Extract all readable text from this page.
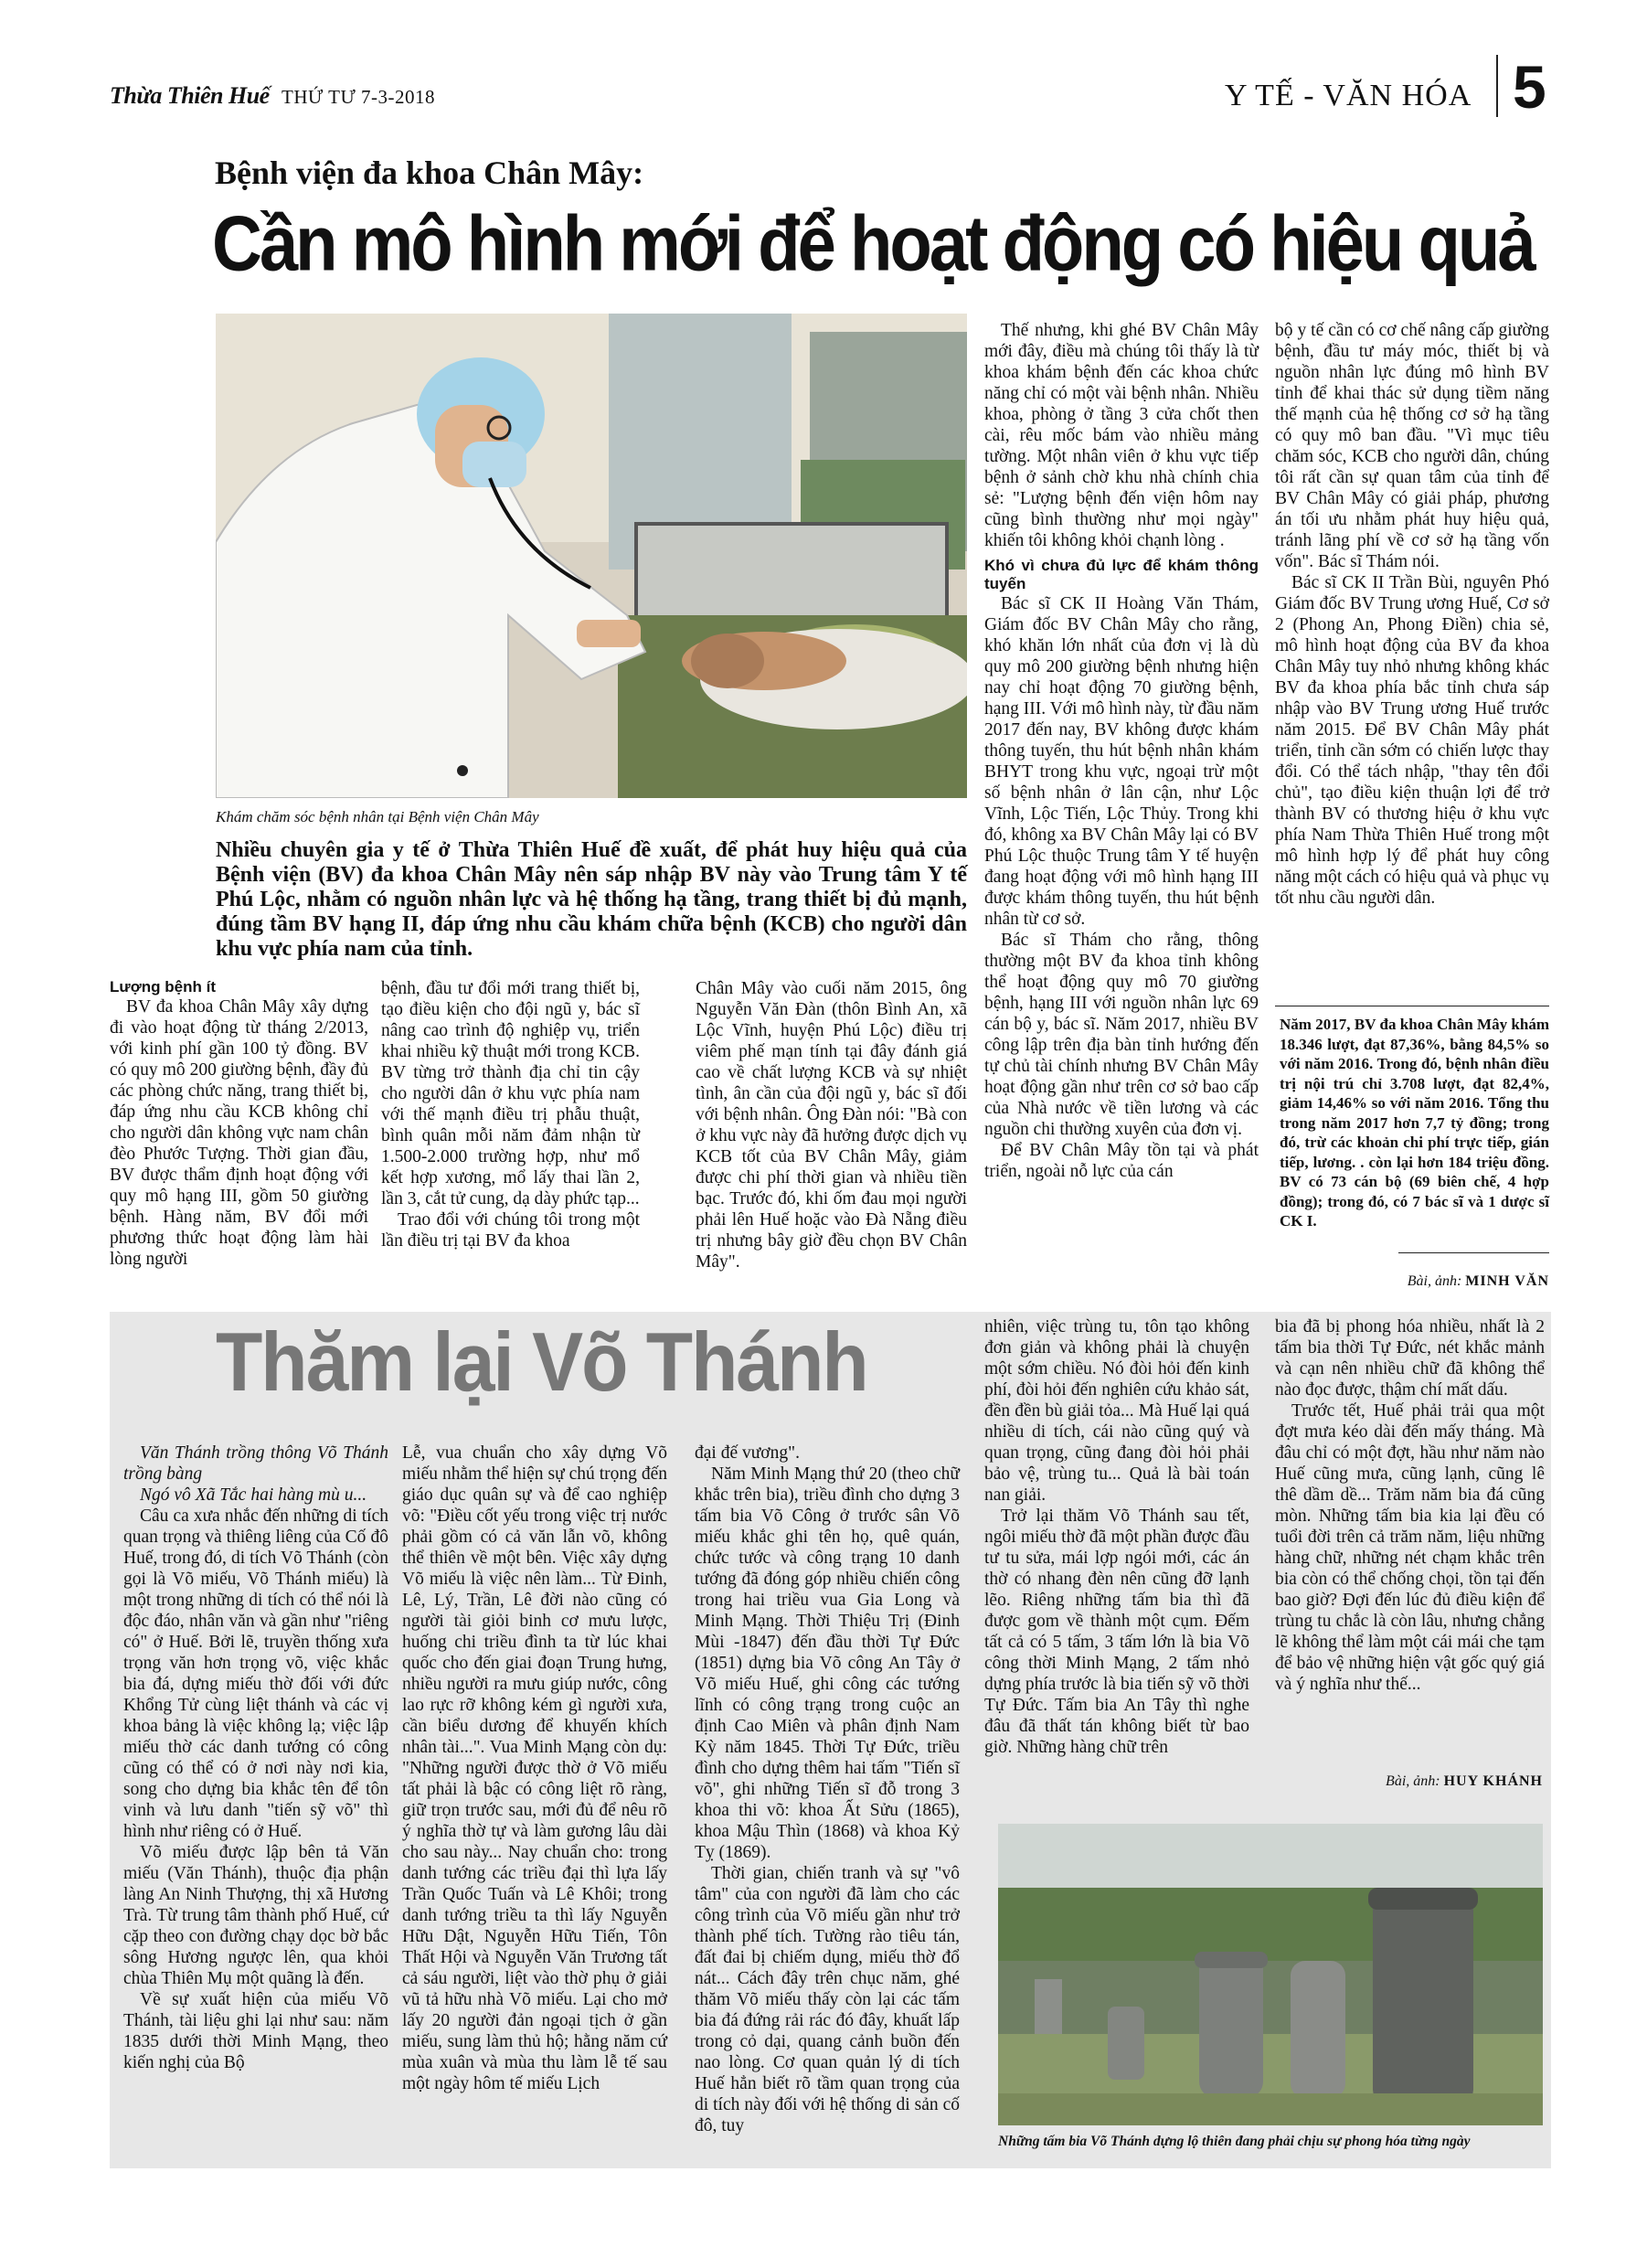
Thừa Thiên Huế THỨ TƯ 7-3-2018	Y TẾ - VĂN HÓA 5
Bệnh viện đa khoa Chân Mây:
Cần mô hình mới để hoạt động có hiệu quả
Khám chăm sóc bệnh nhân tại Bệnh viện Chân Mây
Nhiều chuyên gia y tế ở Thừa Thiên Huế đề xuất, để phát huy hiệu quả của Bệnh viện (BV) đa khoa Chân Mây nên sáp nhập BV này vào Trung tâm Y tế Phú Lộc, nhằm có nguồn nhân lực và hệ thống hạ tầng, trang thiết bị đủ mạnh, đúng tầm BV hạng II, đáp ứng nhu cầu khám chữa bệnh (KCB) cho người dân khu vực phía nam của tỉnh.

Lượng bệnh ít

BV đa khoa Chân Mây xây dựng đi vào hoạt động từ tháng 2/2013, với kinh phí gần 100 tỷ đồng. BV có quy mô 200 giường bệnh, đầy đủ các phòng chức năng, trang thiết bị, đáp ứng nhu cầu KCB không chỉ cho người dân không vực nam chân đèo Phước Tượng. Thời gian đầu, BV được thẩm định hoạt động với quy mô hạng III, gồm 50 giường bệnh. Hàng năm, BV đổi mới phương thức hoạt động làm hài lòng người

bệnh, đầu tư đổi mới trang thiết bị, tạo điều kiện cho đội ngũ y, bác sĩ nâng cao trình độ nghiệp vụ, triển khai nhiều kỹ thuật mới trong KCB. BV từng trở thành địa chỉ tin cậy cho người dân ở khu vực phía nam với thế mạnh điều trị phẫu thuật, bình quân mỗi năm đảm nhận từ 1.500-2.000 trường hợp, như mổ kết hợp xương, mổ lấy thai lần 2, lần 3, cắt tử cung, dạ dày phức tạp...

Trao đổi với chúng tôi trong một lần điều trị tại BV đa khoa

Chân Mây vào cuối năm 2015, ông Nguyễn Văn Đàn (thôn Bình An, xã Lộc Vĩnh, huyện Phú Lộc) điều trị viêm phế mạn tính tại đây đánh giá cao về chất lượng KCB và sự nhiệt tình, ân cần của đội ngũ y, bác sĩ đối với bệnh nhân. Ông Đàn nói: "Bà con ở khu vực này đã hưởng được dịch vụ KCB tốt của BV Chân Mây, giảm được chi phí thời gian và nhiều tiền bạc. Trước đó, khi ốm đau mọi người phải lên Huế hoặc vào Đà Nẵng điều trị nhưng bây giờ đều chọn BV Chân Mây".

Thế nhưng, khi ghé BV Chân Mây mới đây, điều mà chúng tôi thấy là từ khoa khám bệnh đến các khoa chức năng chỉ có một vài bệnh nhân. Nhiều khoa, phòng ở tầng 3 cửa chốt then cài, rêu mốc bám vào nhiều mảng tường. Một nhân viên ở khu vực tiếp bệnh ở sảnh chờ khu nhà chính chia sẻ: "Lượng bệnh đến viện hôm nay cũng bình thường như mọi ngày" khiến tôi không khỏi chạnh lòng .

Khó vì chưa đủ lực để khám thông tuyến

Bác sĩ CK II Hoàng Văn Thám, Giám đốc BV Chân Mây cho rằng, khó khăn lớn nhất của đơn vị là dù quy mô 200 giường bệnh nhưng hiện nay chỉ hoạt động 70 giường bệnh, hạng III. Với mô hình này, từ đầu năm 2017 đến nay, BV không được khám thông tuyến, thu hút bệnh nhân khám BHYT trong khu vực, ngoại trừ một số bệnh nhân ở lân cận, như Lộc Vĩnh, Lộc Tiến, Lộc Thủy. Trong khi đó, không xa BV Chân Mây lại có BV Phú Lộc thuộc Trung tâm Y tế huyện đang hoạt động với mô hình hạng III được khám thông tuyến, thu hút bệnh nhân từ cơ sở.

Bác sĩ Thám cho rằng, thông thường một BV đa khoa tỉnh không thể hoạt động quy mô 70 giường bệnh, hạng III với nguồn nhân lực 69 cán bộ y, bác sĩ. Năm 2017, nhiều BV công lập trên địa bàn tỉnh hướng đến tự chủ tài chính nhưng BV Chân Mây hoạt động gần như trên cơ sở bao cấp của Nhà nước về tiền lương và các nguồn chi thường xuyên của đơn vị.

Để BV Chân Mây tồn tại và phát triển, ngoài nỗ lực của cán

bộ y tế cần có cơ chế nâng cấp giường bệnh, đầu tư máy móc, thiết bị và nguồn nhân lực đúng mô hình BV tỉnh để khai thác sử dụng tiềm năng thế mạnh của hệ thống cơ sở hạ tầng có quy mô ban đầu. "Vì mục tiêu chăm sóc, KCB cho người dân, chúng tôi rất cần sự quan tâm của tỉnh để BV Chân Mây có giải pháp, phương án tối ưu nhằm phát huy hiệu quả, tránh lãng phí về cơ sở hạ tầng vốn vốn". Bác sĩ Thám nói.

Bác sĩ CK II Trần Bùi, nguyên Phó Giám đốc BV Trung ương Huế, Cơ sở 2 (Phong An, Phong Điền) chia sẻ, mô hình hoạt động của BV đa khoa Chân Mây tuy nhỏ nhưng không khác BV đa khoa phía bắc tỉnh chưa sáp nhập vào BV Trung ương Huế trước năm 2015. Để BV Chân Mây phát triển, tỉnh cần sớm có chiến lược thay đổi. Có thể tách nhập, "thay tên đổi chủ", tạo điều kiện thuận lợi để trở thành BV có thương hiệu ở khu vực phía Nam Thừa Thiên Huế trong một mô hình hợp lý để phát huy công năng một cách có hiệu quả và phục vụ tốt nhu cầu người dân.

Năm 2017, BV đa khoa Chân Mây khám 18.346 lượt, đạt 87,36%, bằng 84,5% so với năm 2016. Trong đó, bệnh nhân điều trị nội trú chỉ 3.708 lượt, đạt 82,4%, giảm 14,46% so với năm 2016. Tổng thu trong năm 2017 hơn 7,7 tỷ đồng; trong đó, trừ các khoản chi phí trực tiếp, gián tiếp, lương. . còn lại hơn 184 triệu đồng. BV có 73 cán bộ (69 biên chế, 4 hợp đồng); trong đó, có 7 bác sĩ và 1 dược sĩ CK I.
Bài, ảnh: MINH VĂN
Thăm lại Võ Thánh

Văn Thánh trồng thông Võ Thánh trồng bàng

Ngó vô Xã Tắc hai hàng mù u...

Câu ca xưa nhắc đến những di tích quan trọng và thiêng liêng của Cố đô Huế, trong đó, di tích Võ Thánh (còn gọi là Võ miếu, Võ Thánh miếu) là một trong những di tích có thể nói là độc đáo, nhân văn và gần như "riêng có" ở Huế. Bởi lẽ, truyền thống xưa trọng văn hơn trọng võ, việc khắc bia đá, dựng miếu thờ đối với đức Khổng Tử cùng liệt thánh và các vị khoa bảng là việc không lạ; việc lập miếu thờ các danh tướng có công cũng có thể có ở nơi này nơi kia, song cho dựng bia khắc tên để tôn vinh và lưu danh "tiến sỹ võ" thì hình như riêng có ở Huế.

Võ miếu được lập bên tả Văn miếu (Văn Thánh), thuộc địa phận làng An Ninh Thượng, thị xã Hương Trà. Từ trung tâm thành phố Huế, cứ cặp theo con đường chạy dọc bờ bắc sông Hương ngược lên, qua khỏi chùa Thiên Mụ một quãng là đến.

Về sự xuất hiện của miếu Võ Thánh, tài liệu ghi lại như sau: năm 1835 dưới thời Minh Mạng, theo kiến nghị của Bộ

Lễ, vua chuẩn cho xây dựng Võ miếu nhằm thể hiện sự chú trọng đến giáo dục quân sự và để cao nghiệp võ: "Điều cốt yếu trong việc trị nước phải gồm có cả văn lẫn võ, không thể thiên về một bên. Việc xây dựng Võ miếu là việc nên làm... Từ Đinh, Lê, Lý, Trần, Lê đời nào cũng có người tài giỏi binh cơ mưu lược, huống chi triều đình ta từ lúc khai quốc cho đến giai đoạn Trung hưng, nhiều người ra mưu giúp nước, công lao rực rỡ không kém gì người xưa, cần biểu dương để khuyến khích nhân tài...". Vua Minh Mạng còn dụ: "Những người được thờ ở Võ miếu tất phải là bậc có công liệt rõ ràng, giữ trọn trước sau, mới đủ để nêu rõ ý nghĩa thờ tự và làm gương lâu dài cho sau này... Nay chuẩn cho: trong danh tướng các triều đại thì lựa lấy Trần Quốc Tuấn và Lê Khôi; trong danh tướng triều ta thì lấy Nguyễn Hữu Dật, Nguyễn Hữu Tiến, Tôn Thất Hội và Nguyễn Văn Trương tất cả sáu người, liệt vào thờ phụ ở giải vũ tả hữu nhà Võ miếu. Lại cho mở lấy 20 người đản ngoại tịch ở gần miếu, sung làm thủ hộ; hằng năm cứ mùa xuân và mùa thu làm lễ tế sau một ngày hôm tế miếu Lịch

đại đế vương".

Năm Minh Mạng thứ 20 (theo chữ khắc trên bia), triều đình cho dựng 3 tấm bia Võ Công ở trước sân Võ miếu khắc ghi tên họ, quê quán, chức tước và công trạng 10 danh tướng đã đóng góp nhiều chiến công trong hai triều vua Gia Long và Minh Mạng. Thời Thiệu Trị (Đinh Mùi -1847) đến đầu thời Tự Đức (1851) dựng bia Võ công An Tây ở Võ miếu Huế, ghi công các tướng lĩnh có công trạng trong cuộc an định Cao Miên và phân định Nam Kỳ năm 1845. Thời Tự Đức, triều đình cho dựng thêm hai tấm "Tiến sĩ võ", ghi những Tiến sĩ đỗ trong 3 khoa thi võ: khoa Ất Sửu (1865), khoa Mậu Thìn (1868) và khoa Kỷ Tỵ (1869).

Thời gian, chiến tranh và sự "vô tâm" của con người đã làm cho các công trình của Võ miếu gần như trở thành phế tích. Tường rào tiêu tán, đất đai bị chiếm dụng, miếu thờ đổ nát... Cách đây trên chục năm, ghé thăm Võ miếu thấy còn lại các tấm bia đá đứng rải rác đó đây, khuất lấp trong cỏ dại, quang cảnh buồn đến nao lòng. Cơ quan quản lý di tích Huế hẳn biết rõ tầm quan trọng của di tích này đối với hệ thống di sản cố đô, tuy

nhiên, việc trùng tu, tôn tạo không đơn giản và không phải là chuyện một sớm chiều. Nó đòi hỏi đến kinh phí, đòi hỏi đến nghiên cứu khảo sát, đền đền bù giải tỏa... Mà Huế lại quá nhiều di tích, cái nào cũng quý và quan trọng, cũng đang đòi hỏi phải bảo vệ, trùng tu... Quả là bài toán nan giải.

Trở lại thăm Võ Thánh sau tết, ngôi miếu thờ đã một phần được đầu tư tu sửa, mái lợp ngói mới, các án thờ có nhang đèn nên cũng đỡ lạnh lẽo. Riêng những tấm bia thì đã được gom về thành một cụm. Đếm tất cả có 5 tấm, 3 tấm lớn là bia Võ công thời Minh Mạng, 2 tấm nhỏ dựng phía trước là bia tiến sỹ võ thời Tự Đức. Tấm bia An Tây thì nghe đâu đã thất tán không biết từ bao giờ. Những hàng chữ trên

bia đã bị phong hóa nhiều, nhất là 2 tấm bia thời Tự Đức, nét khắc mảnh và cạn nên nhiều chữ đã không thể nào đọc được, thậm chí mất dấu.

Trước tết, Huế phải trải qua một đợt mưa kéo dài đến mấy tháng. Mà đâu chỉ có một đợt, hầu như năm nào Huế cũng mưa, cũng lạnh, cũng lê thê dầm dề... Trăm năm bia đá cũng mòn. Những tấm bia kia lại đều có tuổi đời trên cả trăm năm, liệu những hàng chữ, những nét chạm khắc trên bia còn có thể chống chọi, tồn tại đến bao giờ? Đợi đến lúc đủ điều kiện để trùng tu chắc là còn lâu, nhưng chẳng lẽ không thể làm một cái mái che tạm để bảo vệ những hiện vật gốc quý giá và ý nghĩa như thế...

Bài, ảnh: HUY KHÁNH
Những tấm bia Võ Thánh dựng lộ thiên đang phải chịu sự phong hóa từng ngày
